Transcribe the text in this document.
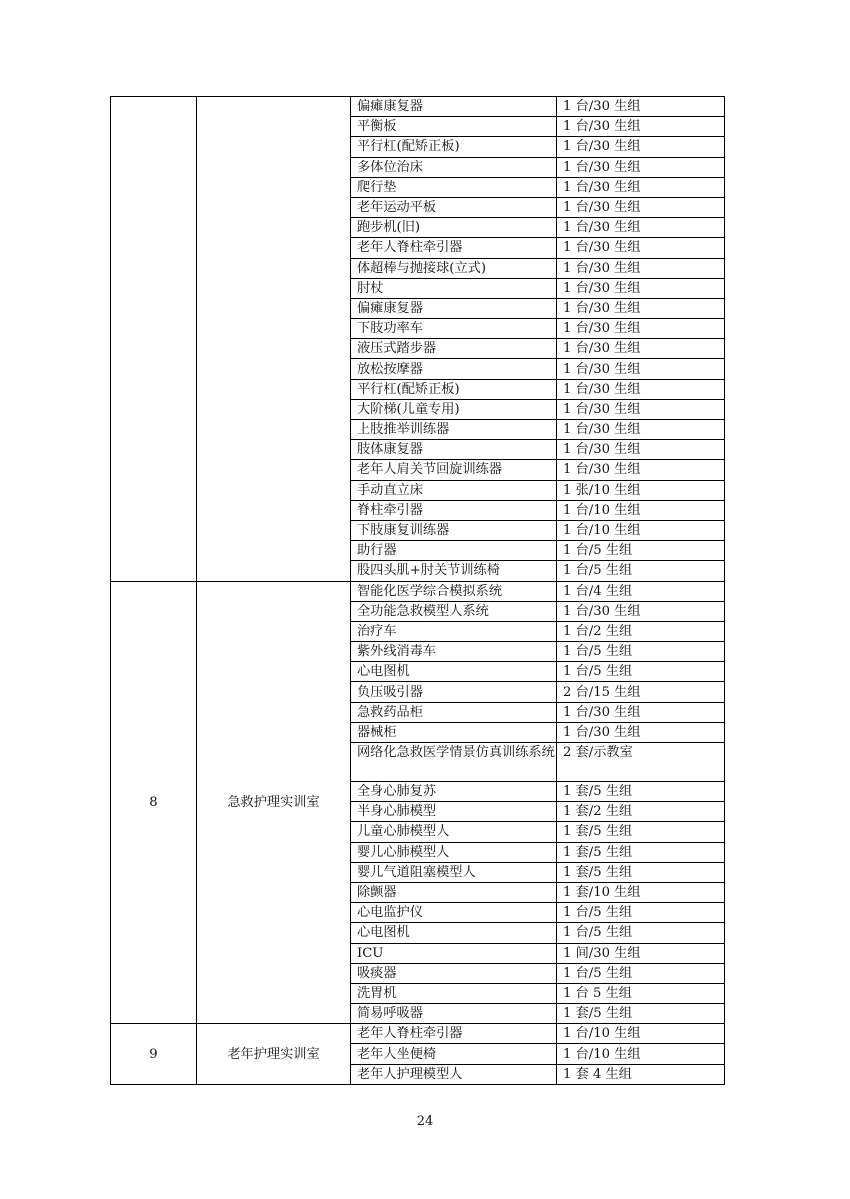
		偏瘫康复器	1 台/30 生组
		平衡板	1 台/30 生组
		平行杠(配矫正板)	1 台/30 生组
		多体位治床	1 台/30 生组
		爬行垫	1 台/30 生组
		老年运动平板	1 台/30 生组
		跑步机(旧)	1 台/30 生组
		老年人脊柱牵引器	1 台/30 生组
		体超棒与抛接球(立式)	1 台/30 生组
		肘杖	1 台/30 生组
		偏瘫康复器	1 台/30 生组
		下肢功率车	1 台/30 生组
		液压式踏步器	1 台/30 生组
		放松按摩器	1 台/30 生组
		平行杠(配矫正板)	1 台/30 生组
		大阶梯(儿童专用)	1 台/30 生组
		上肢推举训练器	1 台/30 生组
		肢体康复器	1 台/30 生组
		老年人肩关节回旋训练器	1 台/30 生组
		手动直立床	1 张/10 生组
		脊柱牵引器	1 台/10 生组
		下肢康复训练器	1 台/10 生组
		助行器	1 台/5 生组
		股四头肌+肘关节训练椅	1 台/5 生组
8	急救护理实训室	智能化医学综合模拟系统	1 台/4 生组
		全功能急救模型人系统	1 台/30 生组
		治疗车	1 台/2 生组
		紫外线消毒车	1 台/5 生组
		心电图机	1 台/5 生组
		负压吸引器	2 台/15 生组
		急救药品柜	1 台/30 生组
		器械柜	1 台/30 生组
		网络化急救医学情景仿真训练系统	2 套/示教室
		全身心肺复苏	1 套/5 生组
		半身心肺模型	1 套/2 生组
		儿童心肺模型人	1 套/5 生组
		婴儿心肺模型人	1 套/5 生组
		婴儿气道阻塞模型人	1 套/5 生组
		除颤器	1 套/10 生组
		心电监护仪	1 台/5 生组
		心电图机	1 台/5 生组
		ICU	1 间/30 生组
		吸痰器	1 台/5 生组
		洗胃机	1 台 5 生组
		简易呼吸器	1 套/5 生组
9	老年护理实训室	老年人脊柱牵引器	1 台/10 生组
		老年人坐便椅	1 台/10 生组
		老年人护理模型人	1 套 4 生组
24
